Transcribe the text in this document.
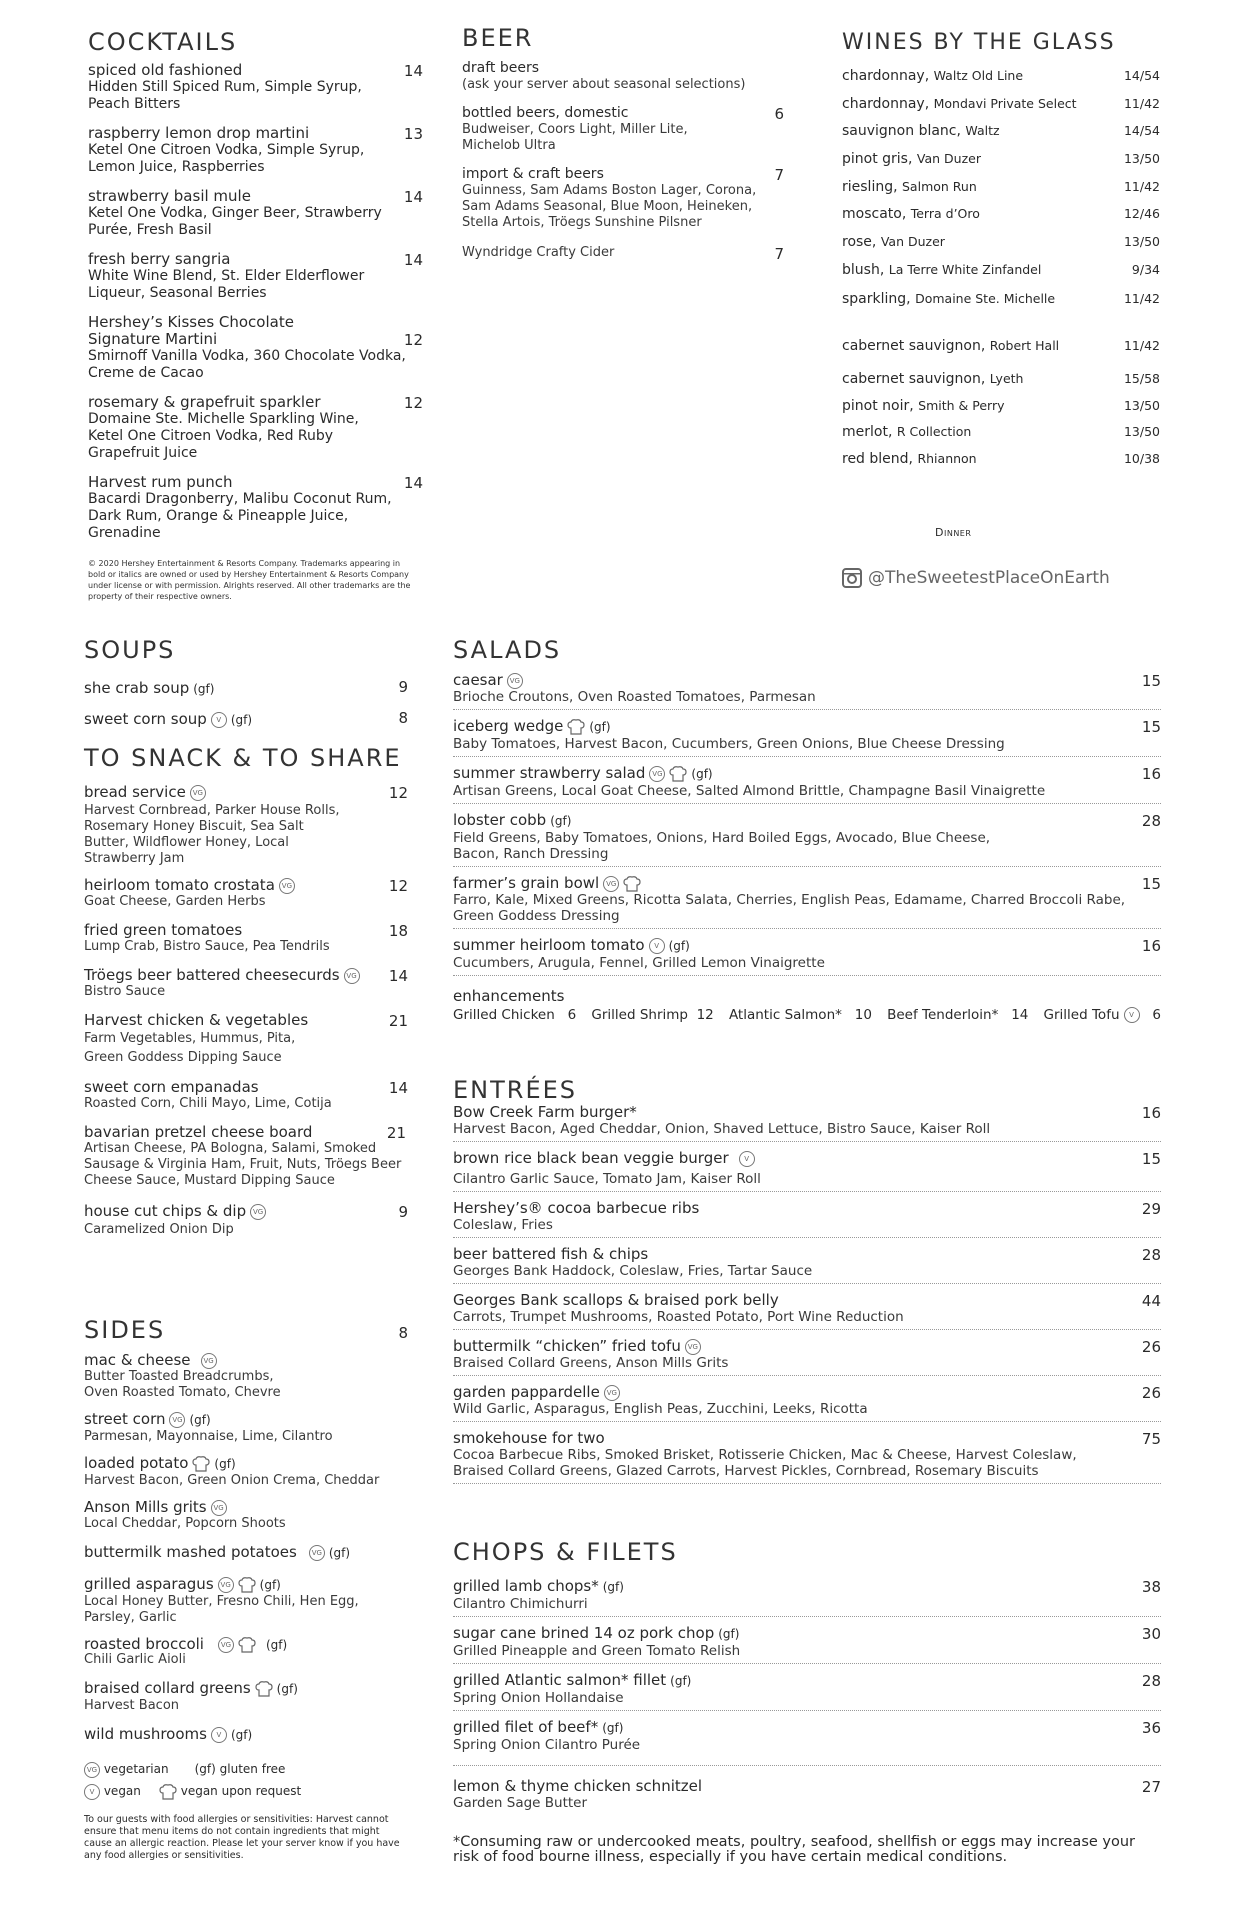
COCKTAILS
spiced old fashioned	14
Hidden Still Spiced Rum, Simple Syrup, Peach Bitters
raspberry lemon drop martini	13
Ketel One Citroen Vodka, Simple Syrup, Lemon Juice, Raspberries
strawberry basil mule	14
Ketel One Vodka, Ginger Beer, Strawberry Purée, Fresh Basil
fresh berry sangria	14
White Wine Blend, St. Elder Elderflower Liqueur, Seasonal Berries
Hershey’s Kisses Chocolate Signature Martini	12
Smirnoff Vanilla Vodka, 360 Chocolate Vodka, Creme de Cacao
rosemary & grapefruit sparkler	12
Domaine Ste. Michelle Sparkling Wine, Ketel One Citroen Vodka, Red Ruby Grapefruit Juice
Harvest rum punch	14
Bacardi Dragonberry, Malibu Coconut Rum, Dark Rum, Orange & Pineapple Juice, Grenadine
© 2020 Hershey Entertainment & Resorts Company. Trademarks appearing in bold or italics are owned or used by Hershey Entertainment & Resorts Company under license or with permission. Alrights reserved. All other trademarks are the property of their respective owners.
BEER
draft beers
(ask your server about seasonal selections)
bottled beers, domestic	6
Budweiser, Coors Light, Miller Lite, Michelob Ultra
import & craft beers	7
Guinness, Sam Adams Boston Lager, Corona, Sam Adams Seasonal, Blue Moon, Heineken, Stella Artois, Tröegs Sunshine Pilsner
Wyndridge Crafty Cider	7
WINES BY THE GLASS
chardonnay, Waltz Old Line	14/54
chardonnay, Mondavi Private Select	11/42
sauvignon blanc, Waltz	14/54
pinot gris, Van Duzer	13/50
riesling, Salmon Run	11/42
moscato, Terra d’Oro	12/46
rose, Van Duzer	13/50
blush, La Terre White Zinfandel	9/34
sparkling, Domaine Ste. Michelle	11/42
cabernet sauvignon, Robert Hall	11/42
cabernet sauvignon, Lyeth	15/58
pinot noir, Smith & Perry	13/50
merlot, R Collection	13/50
red blend, Rhiannon	10/38
Dinner
@TheSweetestPlaceOnEarth
SOUPS
she crab soup (gf)	9
sweet corn soup V (gf)	8
TO SNACK & TO SHARE
bread service VG	12
Harvest Cornbread, Parker House Rolls, Rosemary Honey Biscuit, Sea Salt Butter, Wildflower Honey, Local Strawberry Jam
heirloom tomato crostata VG	12
Goat Cheese, Garden Herbs
fried green tomatoes	18
Lump Crab, Bistro Sauce, Pea Tendrils
Tröegs beer battered cheesecurds VG	14
Bistro Sauce
Harvest chicken & vegetables	21
Farm Vegetables, Hummus, Pita, Green Goddess Dipping Sauce
sweet corn empanadas	14
Roasted Corn, Chili Mayo, Lime, Cotija
bavarian pretzel cheese board	21
Artisan Cheese, PA Bologna, Salami, Smoked Sausage & Virginia Ham, Fruit, Nuts, Tröegs Beer Cheese Sauce, Mustard Dipping Sauce
house cut chips & dip VG	9
Caramelized Onion Dip
SIDES	8
mac & cheese VG
Butter Toasted Breadcrumbs, Oven Roasted Tomato, Chevre
street corn VG (gf)
Parmesan, Mayonnaise, Lime, Cilantro
loaded potato (gf)
Harvest Bacon, Green Onion Crema, Cheddar
Anson Mills grits VG
Local Cheddar, Popcorn Shoots
buttermilk mashed potatoes VG (gf)
grilled asparagus VG (gf)
Local Honey Butter, Fresno Chili, Hen Egg, Parsley, Garlic
roasted broccoli VG	(gf)
Chili Garlic Aioli
braised collard greens (gf)
Harvest Bacon
wild mushrooms V (gf)
VG vegetarian (gf) gluten free
V vegan	vegan upon request
To our guests with food allergies or sensitivities: Harvest cannot ensure that menu items do not contain ingredients that might cause an allergic reaction. Please let your server know if you have any food allergies or sensitivities.
SALADS
caesar VG	15
Brioche Croutons, Oven Roasted Tomatoes, Parmesan
iceberg wedge (gf)	15
Baby Tomatoes, Harvest Bacon, Cucumbers, Green Onions, Blue Cheese Dressing
summer strawberry salad VG (gf)	16
Artisan Greens, Local Goat Cheese, Salted Almond Brittle, Champagne Basil Vinaigrette
lobster cobb (gf)	28
Field Greens, Baby Tomatoes, Onions, Hard Boiled Eggs, Avocado, Blue Cheese, Bacon, Ranch Dressing
farmer’s grain bowl VG	15
Farro, Kale, Mixed Greens, Ricotta Salata, Cherries, English Peas, Edamame, Charred Broccoli Rabe, Green Goddess Dressing
summer heirloom tomato V (gf)	16
Cucumbers, Arugula, Fennel, Grilled Lemon Vinaigrette
enhancements
Grilled Chicken 6 Grilled Shrimp 12 Atlantic Salmon* 10 Beef Tenderloin* 14 Grilled Tofu V 6
ENTRÉES
Bow Creek Farm burger*	16
Harvest Bacon, Aged Cheddar, Onion, Shaved Lettuce, Bistro Sauce, Kaiser Roll
brown rice black bean veggie burger V	15
Cilantro Garlic Sauce, Tomato Jam, Kaiser Roll
Hershey’s® cocoa barbecue ribs	29
Coleslaw, Fries
beer battered fish & chips	28
Georges Bank Haddock, Coleslaw, Fries, Tartar Sauce
Georges Bank scallops & braised pork belly	44
Carrots, Trumpet Mushrooms, Roasted Potato, Port Wine Reduction
buttermilk “chicken” fried tofu VG	26
Braised Collard Greens, Anson Mills Grits
garden pappardelle VG	26
Wild Garlic, Asparagus, English Peas, Zucchini, Leeks, Ricotta
smokehouse for two	75
Cocoa Barbecue Ribs, Smoked Brisket, Rotisserie Chicken, Mac & Cheese, Harvest Coleslaw, Braised Collard Greens, Glazed Carrots, Harvest Pickles, Cornbread, Rosemary Biscuits
CHOPS & FILETS
grilled lamb chops* (gf)	38
Cilantro Chimichurri
sugar cane brined 14 oz pork chop (gf)	30
Grilled Pineapple and Green Tomato Relish
grilled Atlantic salmon* fillet (gf)	28
Spring Onion Hollandaise
grilled filet of beef* (gf)	36
Spring Onion Cilantro Purée
lemon & thyme chicken schnitzel	27
Garden Sage Butter
*Consuming raw or undercooked meats, poultry, seafood, shellfish or eggs may increase your risk of food bourne illness, especially if you have certain medical conditions.
